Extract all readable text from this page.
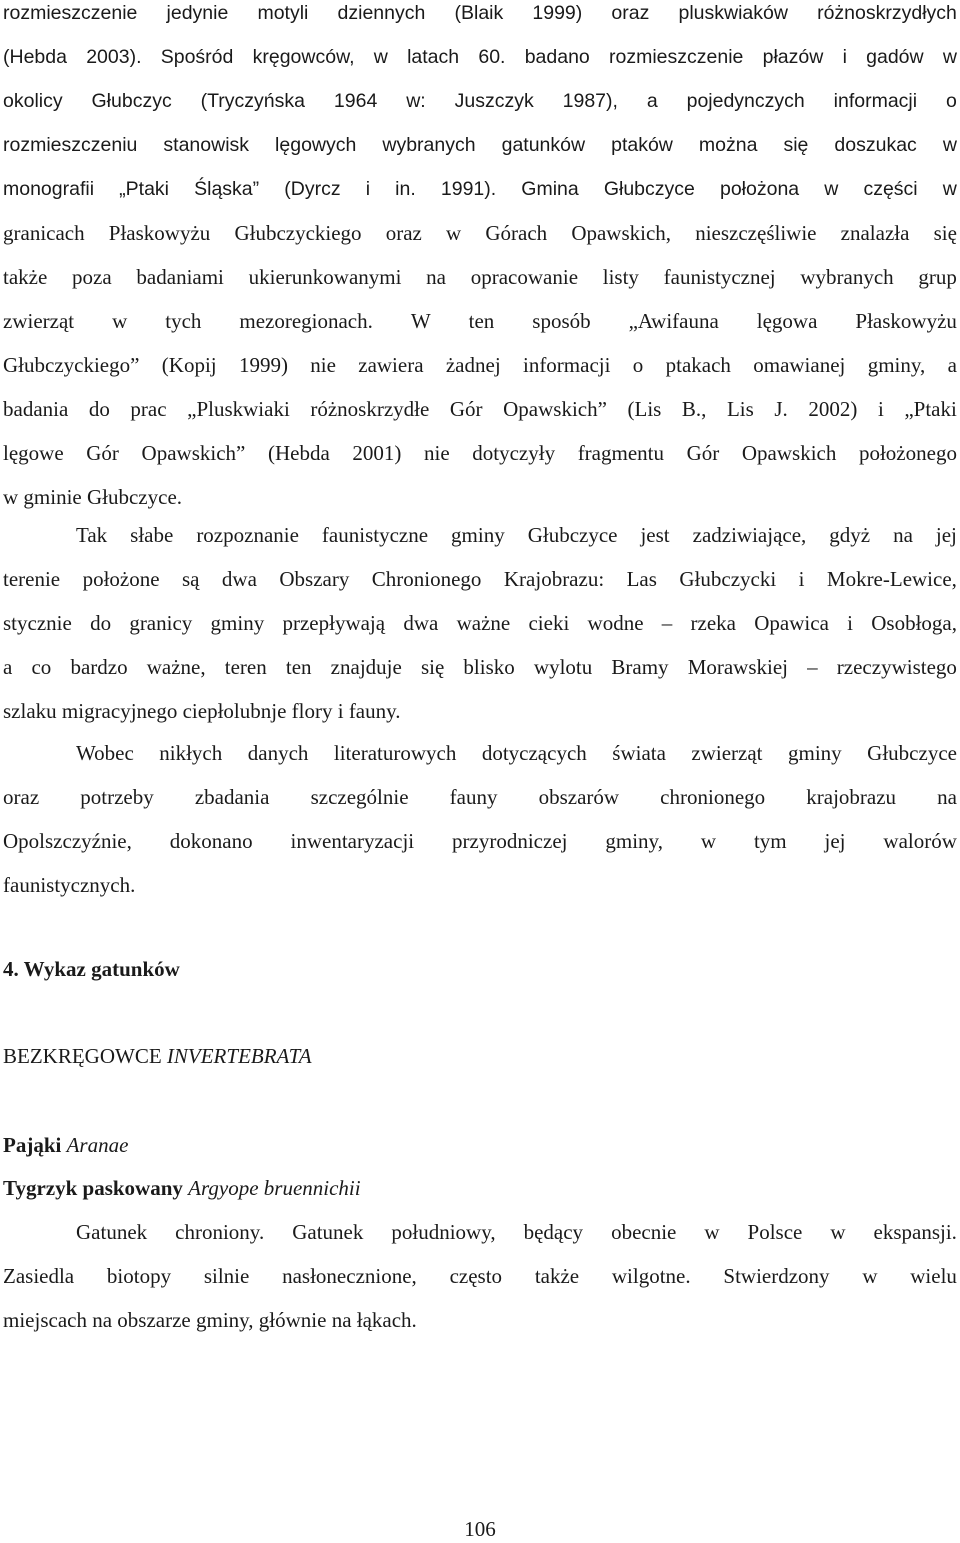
rozmieszczenie jedynie motyli dziennych (Blaik 1999) oraz pluskwiaków różnoskrzydłych
(Hebda 2003). Spośród kręgowców, w latach 60. badano rozmieszczenie płazów i gadów w
okolicy Głubczyc (Tryczyńska 1964 w: Juszczyk 1987), a pojedynczych informacji o
rozmieszczeniu stanowisk lęgowych wybranych gatunków ptaków można się doszukac w
monografii „Ptaki Śląska” (Dyrcz i in. 1991). Gmina Głubczyce położona w części w
granicach Płaskowyżu Głubczyckiego oraz w Górach Opawskich, nieszczęśliwie znalazła się
także poza badaniami ukierunkowanymi na opracowanie listy faunistycznej wybranych grup
zwierząt w tych mezoregionach. W ten sposób „Awifauna lęgowa Płaskowyżu
Głubczyckiego” (Kopij 1999) nie zawiera żadnej informacji o ptakach omawianej gminy, a
badania do prac „Pluskwiaki różnoskrzydłe Gór Opawskich” (Lis B., Lis J. 2002) i „Ptaki
lęgowe Gór Opawskich” (Hebda 2001) nie dotyczyły fragmentu Gór Opawskich położonego
w gminie Głubczyce.
Tak słabe rozpoznanie faunistyczne gminy Głubczyce jest zadziwiające, gdyż na jej
terenie położone są dwa Obszary Chronionego Krajobrazu: Las Głubczycki i Mokre-Lewice,
stycznie do granicy gminy przepływają dwa ważne cieki wodne – rzeka Opawica i Osobłoga,
a co bardzo ważne, teren ten znajduje się blisko wylotu Bramy Morawskiej – rzeczywistego
szlaku migracyjnego ciepłolubnje flory i fauny.
Wobec nikłych danych literaturowych dotyczących świata zwierząt gminy Głubczyce
oraz potrzeby zbadania szczególnie fauny obszarów chronionego krajobrazu na
Opolszczyźnie, dokonano inwentaryzacji przyrodniczej gminy, w tym jej walorów
faunistycznych.
4. Wykaz gatunków
BEZKRĘGOWCE INVERTEBRATA
Pająki Aranae
Tygrzyk paskowany Argyope bruennichii
Gatunek chroniony. Gatunek południowy, będący obecnie w Polsce w ekspansji.
Zasiedla biotopy silnie nasłonecznione, często także wilgotne. Stwierdzony w wielu
miejscach na obszarze gminy, głównie na łąkach.
106
